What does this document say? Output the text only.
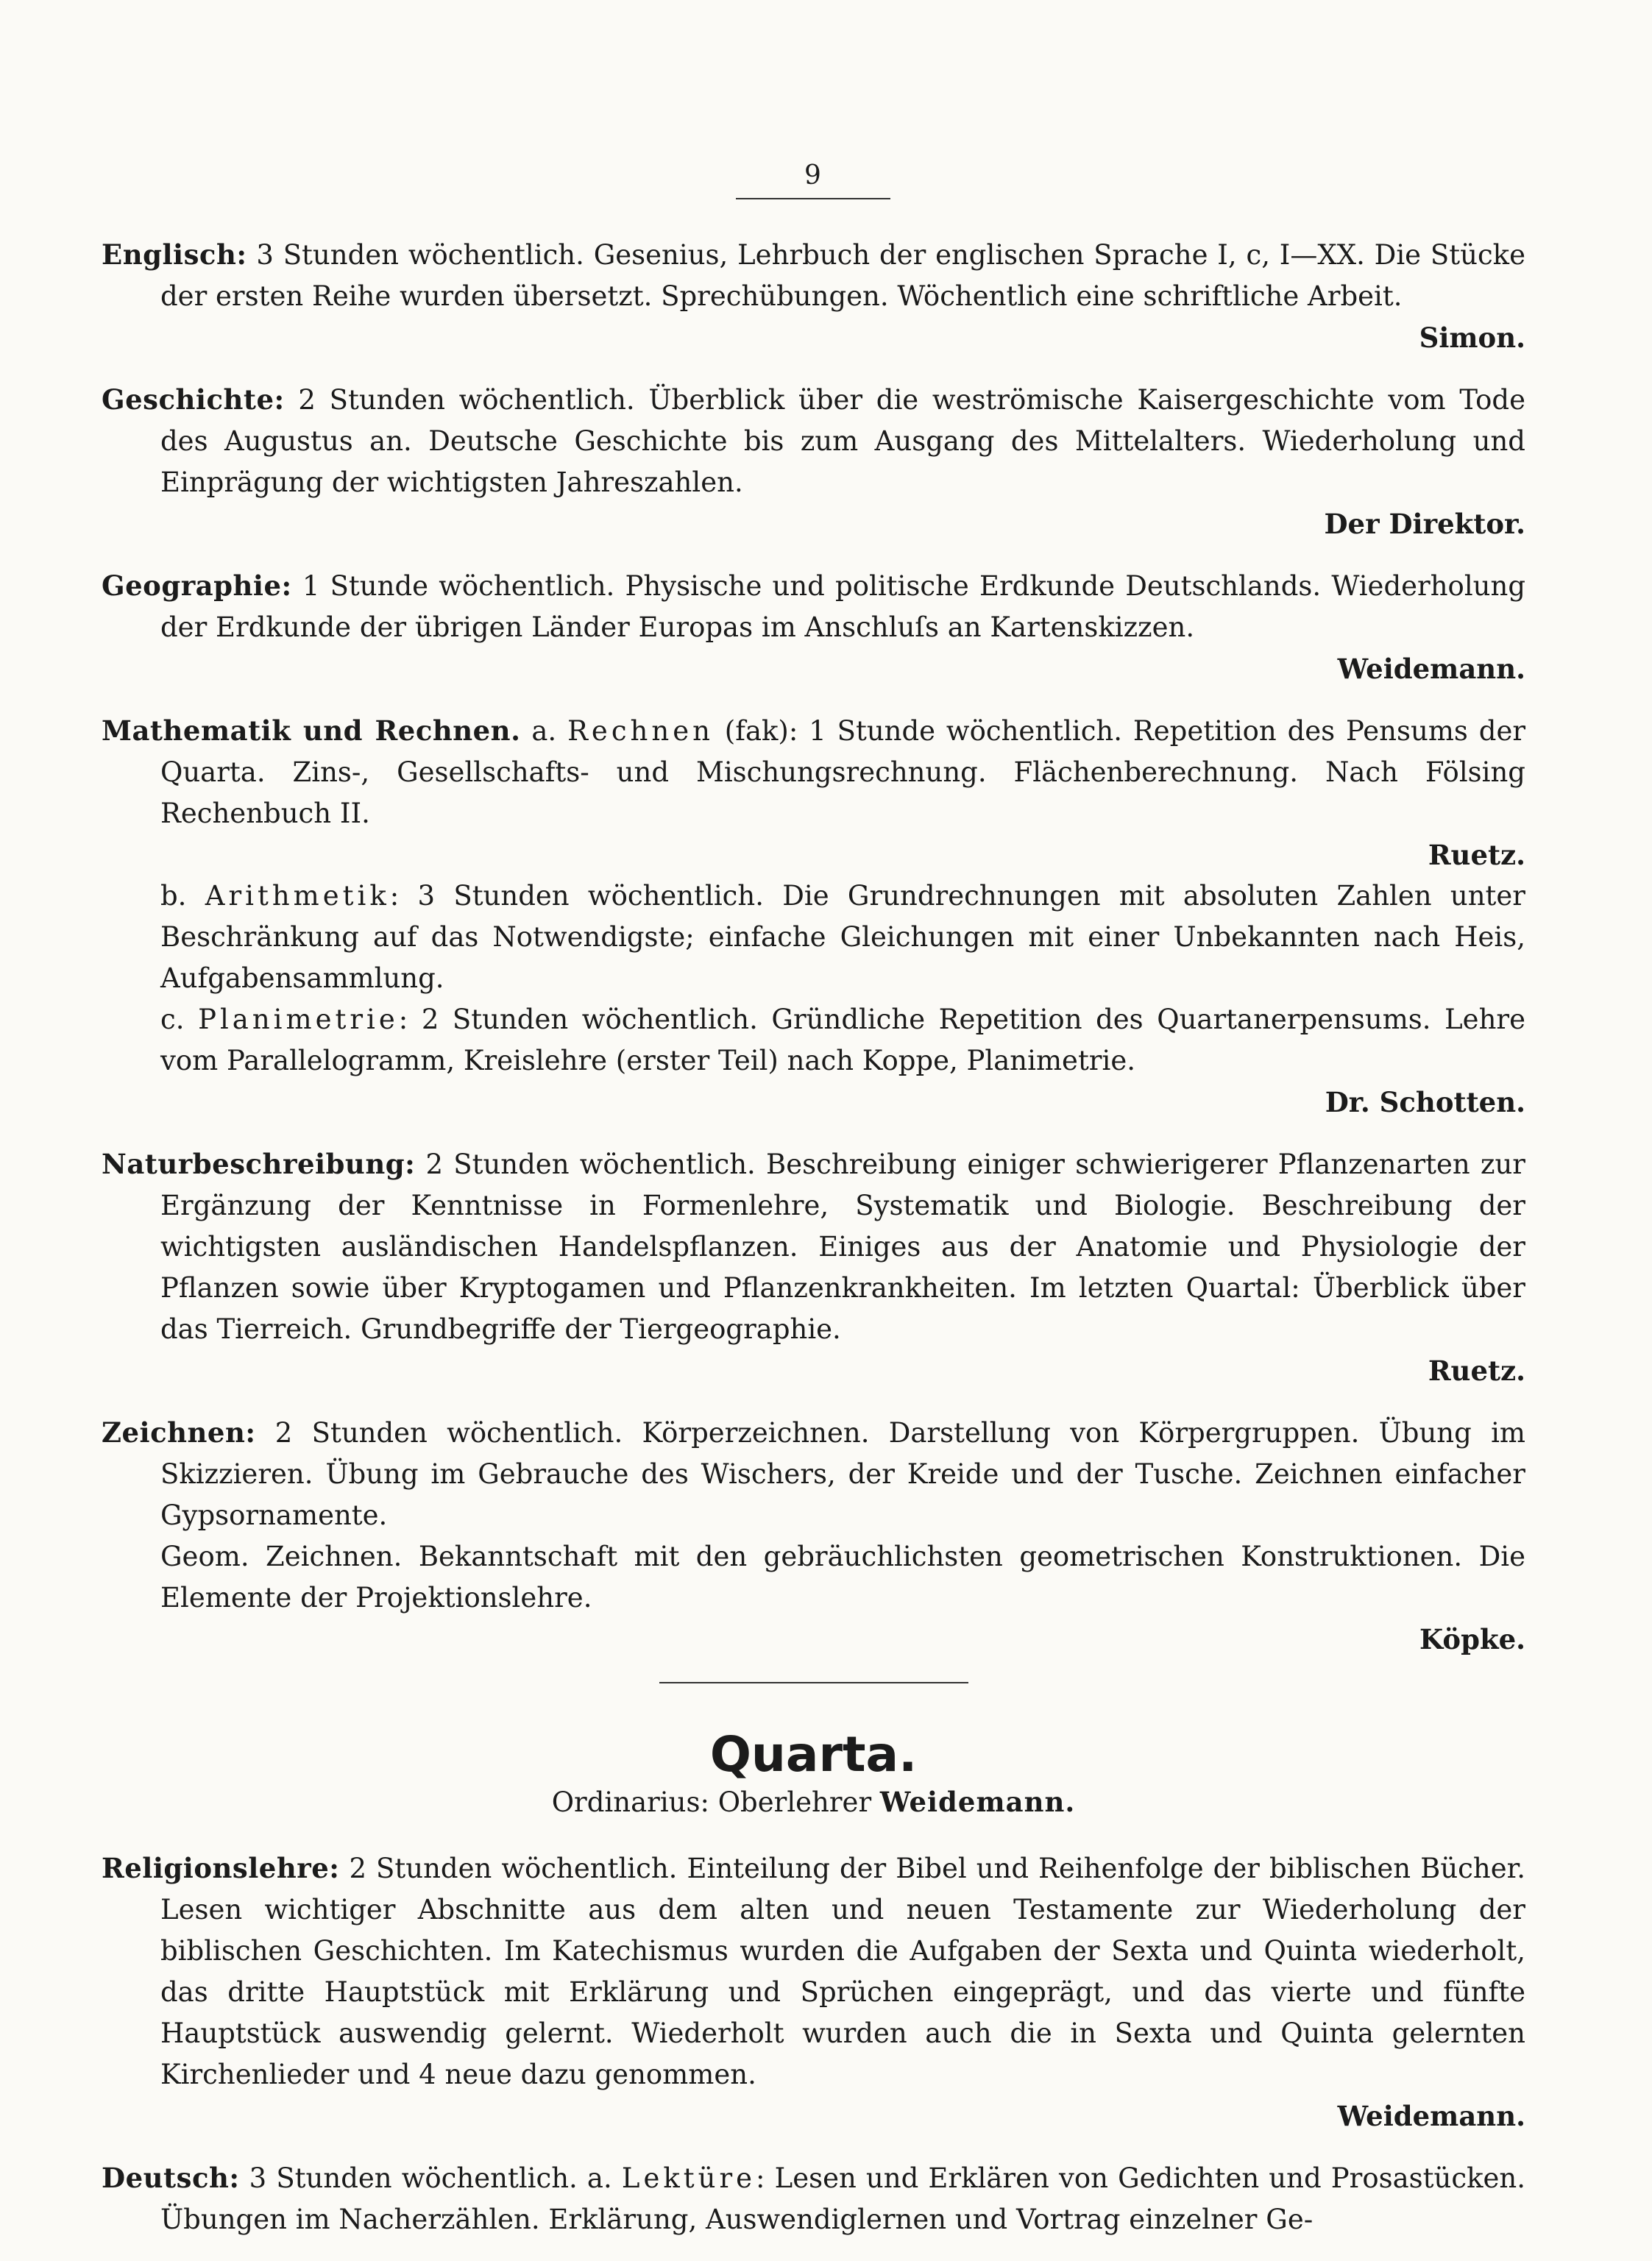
9
Englisch: 3 Stunden wöchentlich. Gesenius, Lehrbuch der englischen Sprache I, c, I—XX. Die Stücke der ersten Reihe wurden übersetzt. Sprechübungen. Wöchentlich eine schriftliche Arbeit.
Simon.
Geschichte: 2 Stunden wöchentlich. Überblick über die weströmische Kaisergeschichte vom Tode des Augustus an. Deutsche Geschichte bis zum Ausgang des Mittelalters. Wiederholung und Einprägung der wichtigsten Jahreszahlen.
Der Direktor.
Geographie: 1 Stunde wöchentlich. Physische und politische Erdkunde Deutschlands. Wiederholung der Erdkunde der übrigen Länder Europas im Anschluſs an Kartenskizzen.
Weidemann.
Mathematik und Rechnen. a. Rechnen (fak): 1 Stunde wöchentlich. Repetition des Pensums der Quarta. Zins-, Gesellschafts- und Mischungsrechnung. Flächenberechnung. Nach Fölsing Rechenbuch II.
Ruetz.
b. Arithmetik: 3 Stunden wöchentlich. Die Grundrechnungen mit absoluten Zahlen unter Beschränkung auf das Notwendigste; einfache Gleichungen mit einer Unbekannten nach Heis, Aufgabensammlung.
c. Planimetrie: 2 Stunden wöchentlich. Gründliche Repetition des Quartanerpensums. Lehre vom Parallelogramm, Kreislehre (erster Teil) nach Koppe, Planimetrie.
Dr. Schotten.
Naturbeschreibung: 2 Stunden wöchentlich. Beschreibung einiger schwierigerer Pflanzenarten zur Ergänzung der Kenntnisse in Formenlehre, Systematik und Biologie. Beschreibung der wichtigsten ausländischen Handelspflanzen. Einiges aus der Anatomie und Physiologie der Pflanzen sowie über Kryptogamen und Pflanzenkrankheiten. Im letzten Quartal: Überblick über das Tierreich. Grundbegriffe der Tiergeographie.
Ruetz.
Zeichnen: 2 Stunden wöchentlich. Körperzeichnen. Darstellung von Körpergruppen. Übung im Skizzieren. Übung im Gebrauche des Wischers, der Kreide und der Tusche. Zeichnen einfacher Gypsornamente.
Geom. Zeichnen. Bekanntschaft mit den gebräuchlichsten geometrischen Konstruktionen. Die Elemente der Projektionslehre.
Köpke.
Quarta.
Ordinarius: Oberlehrer Weidemann.
Religionslehre: 2 Stunden wöchentlich. Einteilung der Bibel und Reihenfolge der biblischen Bücher. Lesen wichtiger Abschnitte aus dem alten und neuen Testamente zur Wiederholung der biblischen Geschichten. Im Katechismus wurden die Aufgaben der Sexta und Quinta wiederholt, das dritte Hauptstück mit Erklärung und Sprüchen eingeprägt, und das vierte und fünfte Hauptstück auswendig gelernt. Wiederholt wurden auch die in Sexta und Quinta gelernten Kirchenlieder und 4 neue dazu genommen.
Weidemann.
Deutsch: 3 Stunden wöchentlich. a. Lektüre: Lesen und Erklären von Gedichten und Prosastücken. Übungen im Nacherzählen. Erklärung, Auswendiglernen und Vortrag einzelner Ge-
